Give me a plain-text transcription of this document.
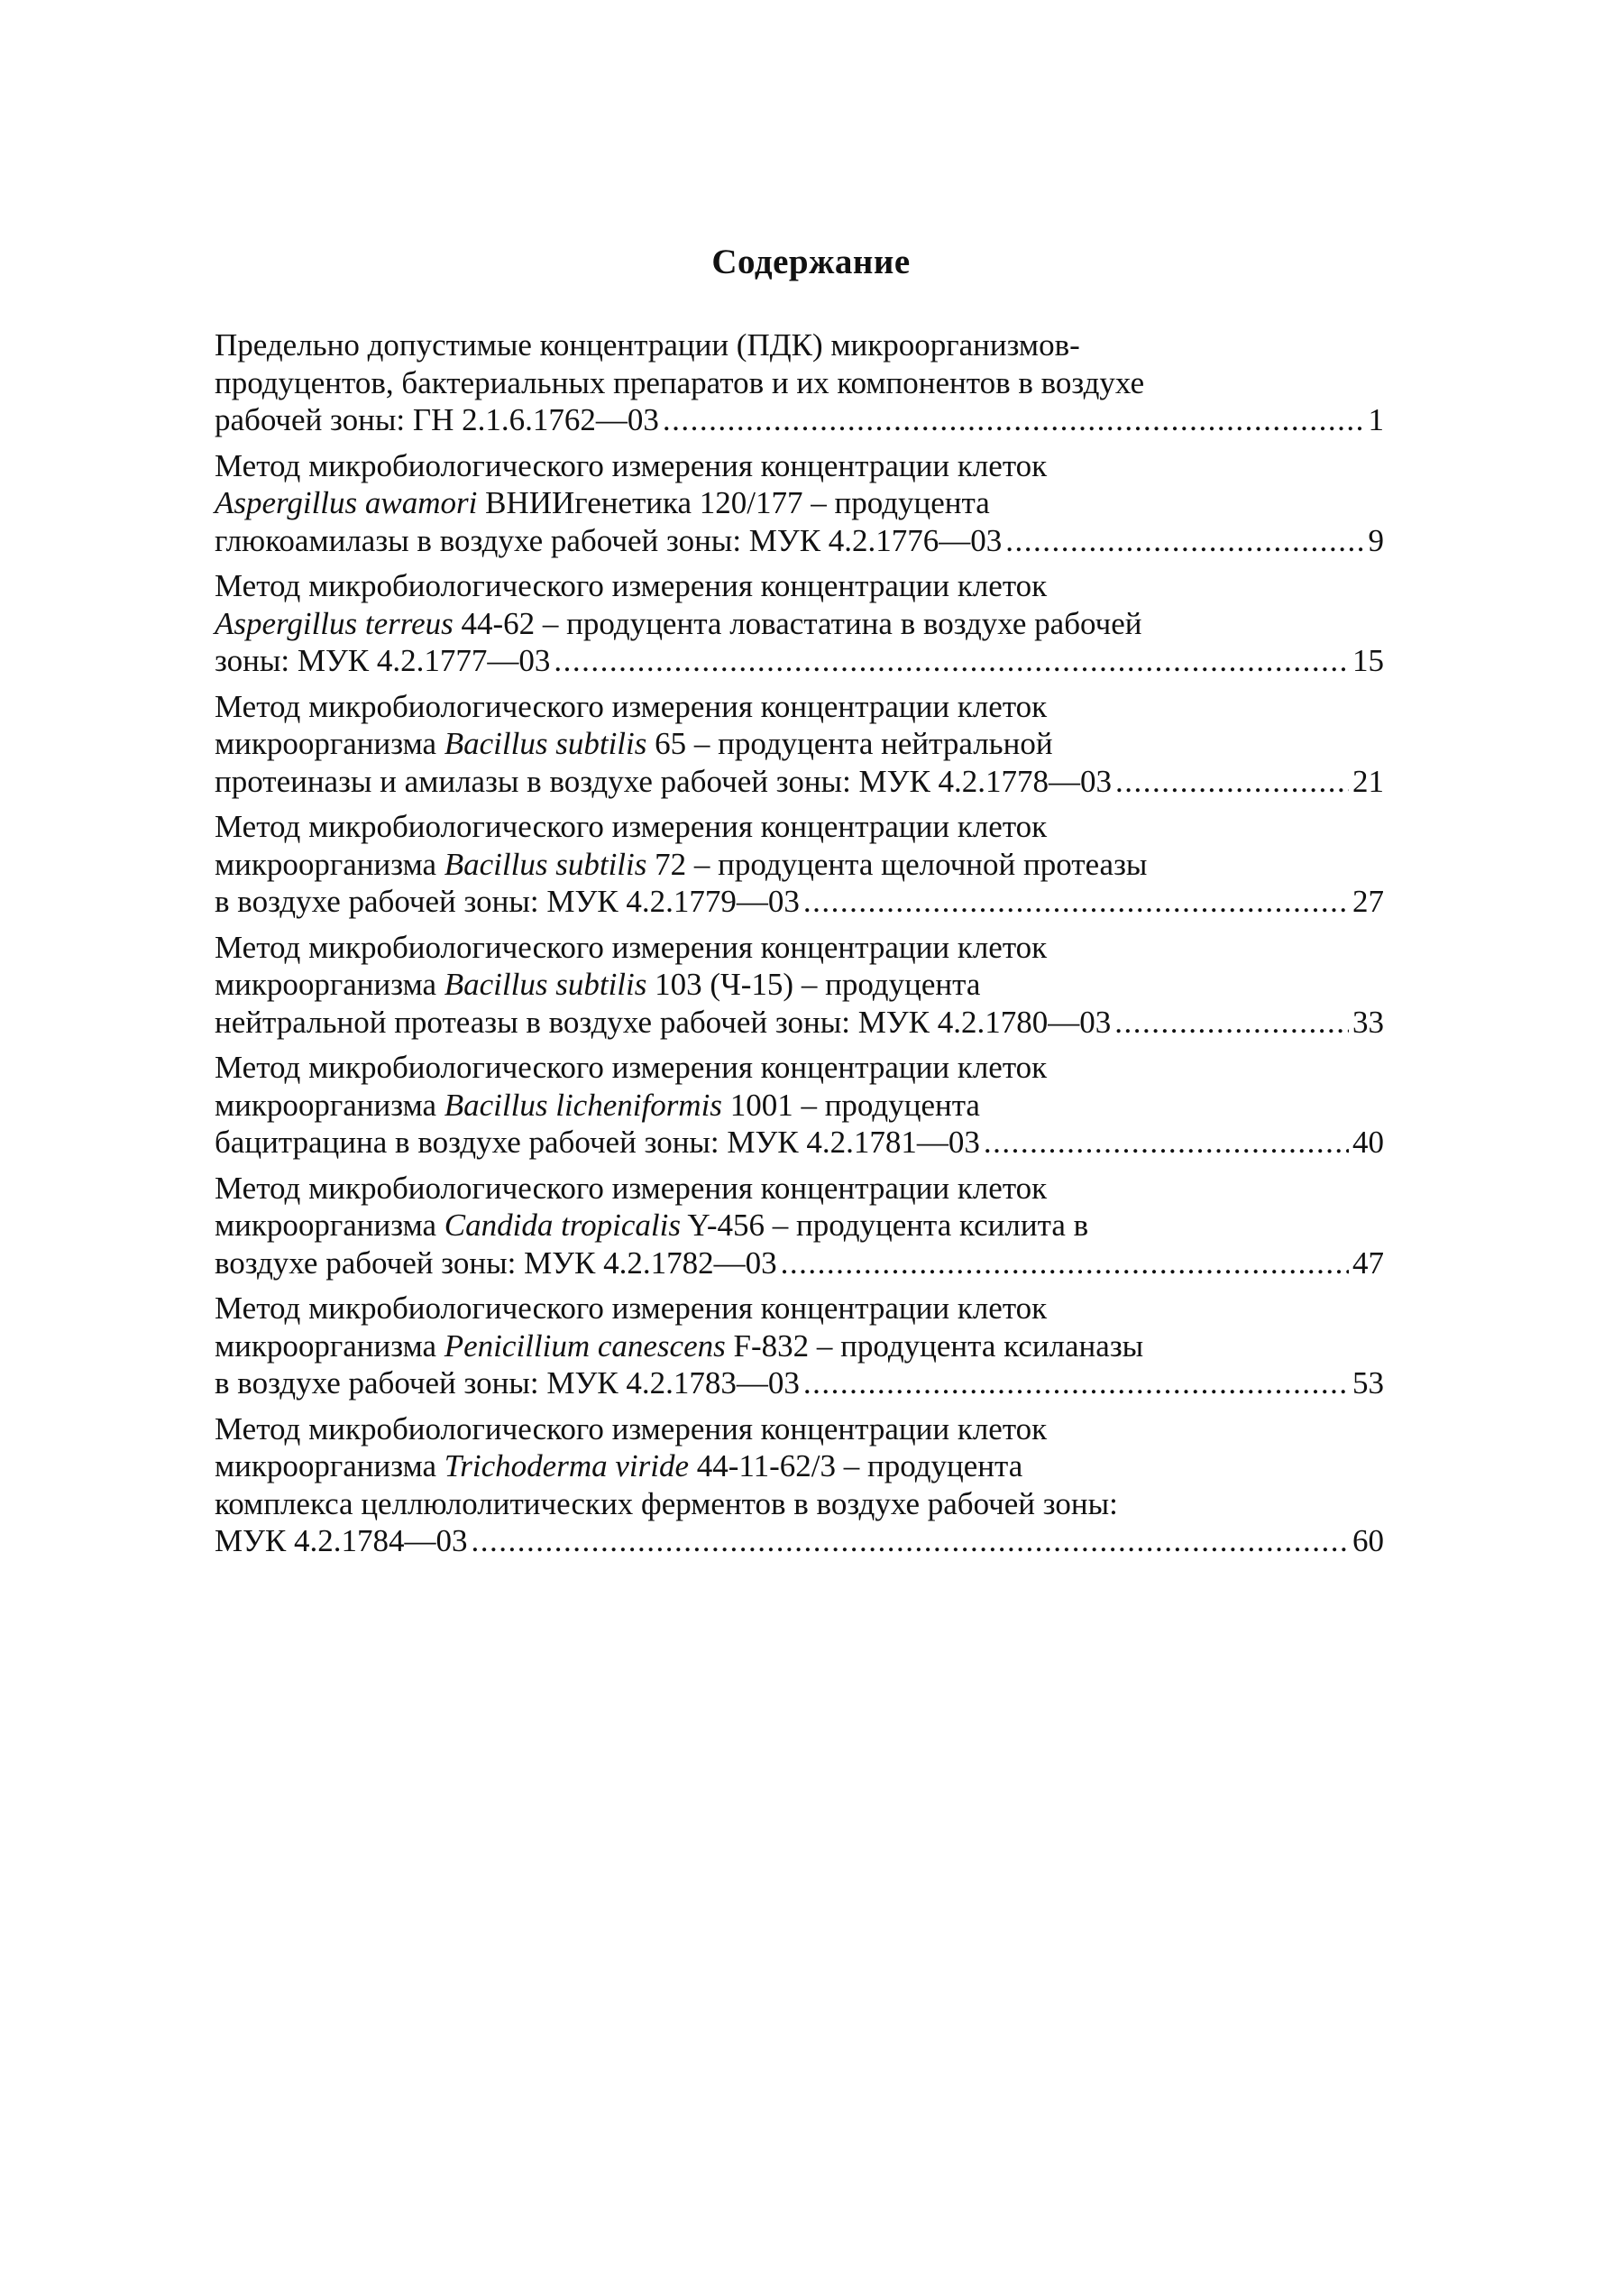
Содержание
Предельно допустимые концентрации (ПДК) микроорганизмов-
продуцентов, бактериальных препаратов и их компонентов в воздухе
рабочей зоны: ГН 2.1.6.1762—03 .....	1
Метод микробиологического измерения концентрации клеток
Aspergillus awamori ВНИИгенетика 120/177 – продуцента
глюкоамилазы в воздухе рабочей зоны: МУК 4.2.1776—03 .....	9
Метод микробиологического измерения концентрации клеток
Aspergillus terreus 44-62 – продуцента ловастатина в воздухе рабочей
зоны: МУК 4.2.1777—03 .....	15
Метод микробиологического измерения концентрации клеток
микроорганизма Bacillus subtilis 65 – продуцента нейтральной
протеиназы и амилазы в воздухе рабочей зоны: МУК 4.2.1778—03 .....	21
Метод микробиологического измерения концентрации клеток
микроорганизма Bacillus subtilis 72 – продуцента щелочной протеазы
в воздухе рабочей зоны: МУК 4.2.1779—03 .....	27
Метод микробиологического измерения концентрации клеток
микроорганизма Bacillus subtilis 103 (Ч-15) – продуцента
нейтральной протеазы в воздухе рабочей зоны: МУК 4.2.1780—03 .....	33
Метод микробиологического измерения концентрации клеток
микроорганизма Bacillus licheniformis 1001 – продуцента
бацитрацина в воздухе рабочей зоны: МУК 4.2.1781—03 .....	40
Метод микробиологического измерения концентрации клеток
микроорганизма Candida tropicalis Y-456 – продуцента ксилита в
воздухе рабочей зоны: МУК 4.2.1782—03 .....	47
Метод микробиологического измерения концентрации клеток
микроорганизма Penicillium canescens F-832 – продуцента ксиланазы
в воздухе рабочей зоны: МУК 4.2.1783—03 .....	53
Метод микробиологического измерения концентрации клеток
микроорганизма Trichoderma viride 44-11-62/3 – продуцента
комплекса целлюлолитических ферментов в воздухе рабочей зоны:
МУК 4.2.1784—03 .....	60
